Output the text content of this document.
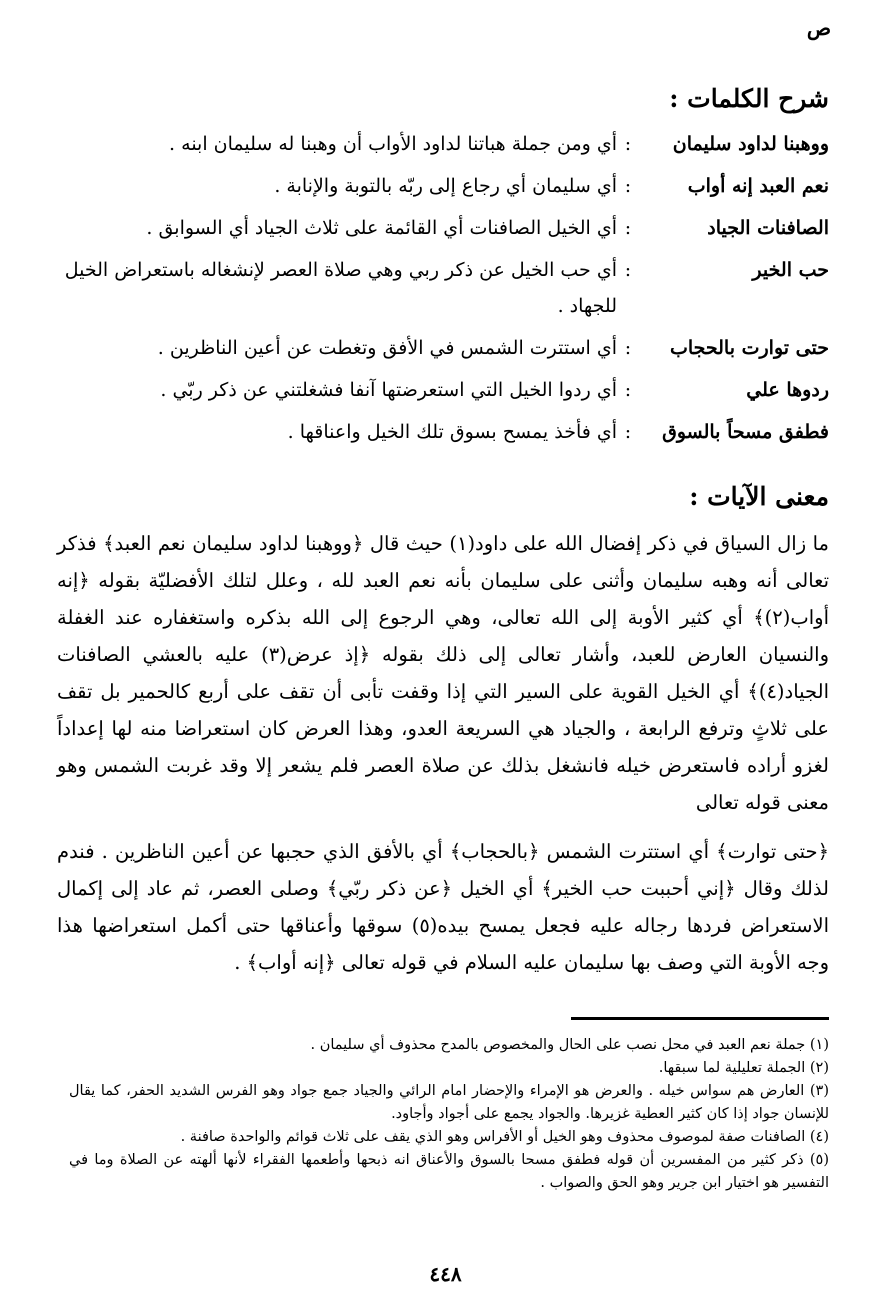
ص
شرح الكلمات :
ووهبنا لداود سليمان
:
أي ومن جملة هباتنا لداود الأواب أن وهبنا له سليمان ابنه .
نعم العبد إنه أواب
:
أي سليمان أي رجاع إلى ربّه بالتوبة والإنابة .
الصافنات الجياد
:
أي الخيل الصافنات أي القائمة على ثلاث الجياد أي السوابق .
حب الخير
:
أي حب الخيل عن ذكر ربي وهي صلاة العصر لإنشغاله باستعراض الخيل للجهاد .
حتى توارت بالحجاب
:
أي استترت الشمس في الأفق وتغطت عن أعين الناظرين .
ردوها علي
:
أي ردوا الخيل التي استعرضتها آنفا فشغلتني عن ذكر ربّي .
فطفق مسحاً بالسوق
:
أي فأخذ يمسح بسوق تلك الخيل واعناقها .
معنى الآيات :

ما زال السياق في ذكر إفضال الله على داود(١) حيث قال ﴿ووهبنا لداود سليمان نعم العبد﴾ فذكر تعالى أنه وهبه سليمان وأثنى على سليمان بأنه نعم العبد لله ، وعلل لتلك الأفضليّة بقوله ﴿إنه أواب(٢)﴾ أي كثير الأوبة إلى الله تعالى، وهي الرجوع إلى الله بذكره واستغفاره عند الغفلة والنسيان العارض للعبد، وأشار تعالى إلى ذلك بقوله ﴿إذ عرض(٣) عليه بالعشي الصافنات الجياد(٤)﴾ أي الخيل القوية على السير التي إذا وقفت تأبى أن تقف على أربع كالحمير بل تقف على ثلاثٍ وترفع الرابعة ، والجياد هي السريعة العدو، وهذا العرض كان استعراضا منه لها إعداداً لغزو أراده فاستعرض خيله فانشغل بذلك عن صلاة العصر فلم يشعر إلا وقد غربت الشمس وهو معنى قوله تعالى

﴿حتى توارت﴾ أي استترت الشمس ﴿بالحجاب﴾ أي بالأفق الذي حجبها عن أعين الناظرين . فندم لذلك وقال ﴿إني أحببت حب الخير﴾ أي الخيل ﴿عن ذكر ربّي﴾ وصلى العصر، ثم عاد إلى إكمال الاستعراض فردها رجاله عليه فجعل يمسح بيده(٥) سوقها وأعناقها حتى أكمل استعراضها هذا وجه الأوبة التي وصف بها سليمان عليه السلام في قوله تعالى ﴿إنه أواب﴾ .

(١) جملة نعم العبد في محل نصب على الحال والمخصوص بالمدح محذوف أي سليمان .

(٢) الجملة تعليلية لما سبقها.

(٣) العارض هم سواس خيله . والعرض هو الإمراء والإحضار امام الرائي والجياد جمع جواد وهو الفرس الشديد الحفر، كما يقال للإنسان جواد إذا كان كثير العطية غزيرها. والجواد يجمع على أجواد وأجاود.

(٤) الصافنات صفة لموصوف محذوف وهو الخيل أو الأفراس وهو الذي يقف على ثلاث قوائم والواحدة صافنة .

(٥) ذكر كثير من المفسرين أن قوله فطفق مسحا بالسوق والأعناق انه ذبحها وأطعمها الفقراء لأنها ألهته عن الصلاة وما في التفسير هو اختيار ابن جرير وهو الحق والصواب .

٤٤٨
